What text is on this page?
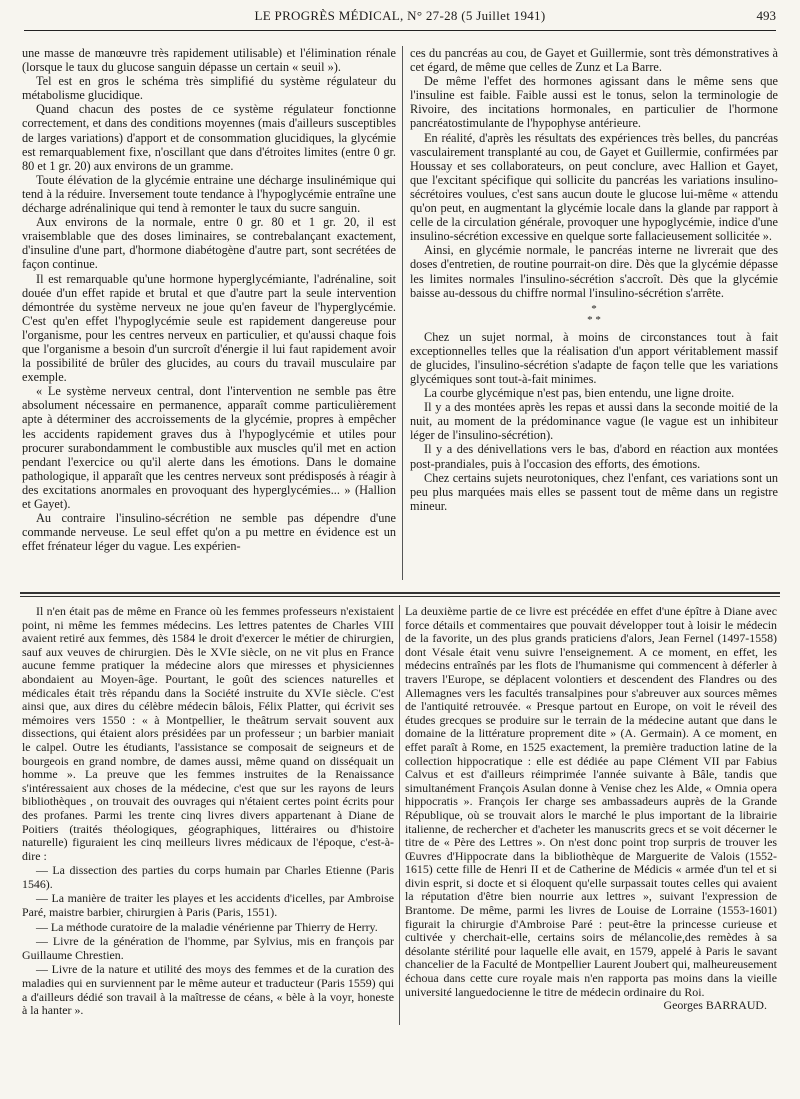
LE PROGRÈS MÉDICAL, N° 27-28 (5 Juillet 1941)	493

une masse de manœuvre très rapidement utilisable) et l'élimination rénale (lorsque le taux du glucose sanguin dépasse un certain « seuil »).

Tel est en gros le schéma très simplifié du système régulateur du métabolisme glucidique.

Quand chacun des postes de ce système régulateur fonctionne correctement, et dans des conditions moyennes (mais d'ailleurs susceptibles de larges variations) d'apport et de consommation glucidiques, la glycémie est remarquablement fixe, n'oscillant que dans d'étroites limites (entre 0 gr. 80 et 1 gr. 20) aux environs de un gramme.

Toute élévation de la glycémie entraine une décharge insulinémique qui tend à la réduire. Inversement toute tendance à l'hypoglycémie entraîne une décharge adrénalinique qui tend à remonter le taux du sucre sanguin.

Aux environs de la normale, entre 0 gr. 80 et 1 gr. 20, il est vraisemblable que des doses liminaires, se contrebalançant exactement, d'insuline d'une part, d'hormone diabétogène d'autre part, sont secrétées de façon continue.

Il est remarquable qu'une hormone hyperglycémiante, l'adrénaline, soit douée d'un effet rapide et brutal et que d'autre part la seule intervention démontrée du système nerveux ne joue qu'en faveur de l'hyperglycémie. C'est qu'en effet l'hypoglycémie seule est rapidement dangereuse pour l'organisme, pour les centres nerveux en particulier, et qu'aussi chaque fois que l'organisme a besoin d'un surcroît d'énergie il lui faut rapidement avoir la possibilité de brûler des glucides, au cours du travail musculaire par exemple.

« Le système nerveux central, dont l'intervention ne semble pas être absolument nécessaire en permanence, apparaît comme particulièrement apte à déterminer des accroissements de la glycémie, propres à empêcher les accidents rapidement graves dus à l'hypoglycémie et utiles pour procurer surabondamment le combustible aux muscles qu'il met en action pendant l'exercice ou qu'il alerte dans les émotions. Dans le domaine pathologique, il apparaît que les centres nerveux sont prédisposés à réagir à des excitations anormales en provoquant des hyperglycémies... » (Hallion et Gayet).

Au contraire l'insulino-sécrétion ne semble pas dépendre d'une commande nerveuse. Le seul effet qu'on a pu mettre en évidence est un effet frénateur léger du vague. Les expérien-

ces du pancréas au cou, de Gayet et Guillermie, sont très démonstratives à cet égard, de même que celles de Zunz et La Barre.

De même l'effet des hormones agissant dans le même sens que l'insuline est faible. Faible aussi est le tonus, selon la terminologie de Rivoire, des incitations hormonales, en particulier de l'hormone pancréatostimulante de l'hypophyse antérieure.

En réalité, d'après les résultats des expériences très belles, du pancréas vasculairement transplanté au cou, de Gayet et Guillermie, confirmées par Houssay et ses collaborateurs, on peut conclure, avec Hallion et Gayet, que l'excitant spécifique qui sollicite du pancréas les variations insulino-sécrétoires voulues, c'est sans aucun doute le glucose lui-même « attendu qu'on peut, en augmentant la glycémie locale dans la glande par rapport à celle de la circulation générale, provoquer une hypoglycémie, indice d'une insulino-sécrétion excessive en quelque sorte fallacieusement sollicitée ».

Ainsi, en glycémie normale, le pancréas interne ne livrerait que des doses d'entretien, de routine pourrait-on dire. Dès que la glycémie dépasse les limites normales l'insulino-sécrétion s'accroît. Dès que la glycémie baisse au-dessous du chiffre normal l'insulino-sécrétion s'arrête.

*
* *

Chez un sujet normal, à moins de circonstances tout à fait exceptionnelles telles que la réalisation d'un apport véritablement massif de glucides, l'insulino-sécrétion s'adapte de façon telle que les variations glycémiques sont tout-à-fait minimes.

La courbe glycémique n'est pas, bien entendu, une ligne droite.

Il y a des montées après les repas et aussi dans la seconde moitié de la nuit, au moment de la prédominance vague (le vague est un inhibiteur léger de l'insulino-sécrétion).

Il y a des dénivellations vers le bas, d'abord en réaction aux montées post-prandiales, puis à l'occasion des efforts, des émotions.

Chez certains sujets neurotoniques, chez l'enfant, ces variations sont un peu plus marquées mais elles se passent tout de même dans un registre mineur.

Il n'en était pas de même en France où les femmes professeurs n'existaient point, ni même les femmes médecins. Les lettres patentes de Charles VIII avaient retiré aux femmes, dès 1584 le droit d'exercer le métier de chirurgien, sauf aux veuves de chirurgien. Dès le XVIe siècle, on ne vit plus en France aucune femme pratiquer la médecine alors que miresses et physiciennes abondaient au Moyen-âge. Pourtant, le goût des sciences naturelles et médicales était très répandu dans la Société instruite du XVIe siècle. C'est ainsi que, aux dires du célèbre médecin bâlois, Félix Platter, qui écrivit ses mémoires vers 1550 : « à Montpellier, le theâtrum servait souvent aux dissections, qui étaient alors présidées par un professeur ; un barbier maniait le calpel. Outre les étudiants, l'assistance se composait de seigneurs et de bourgeois en grand nombre, de dames aussi, même quand on disséquait un homme ». La preuve que les femmes instruites de la Renaissance s'intéressaient aux choses de la médecine, c'est que sur les rayons de leurs bibliothèques , on trouvait des ouvrages qui n'étaient certes point écrits pour des profanes. Parmi les trente cinq livres divers appartenant à Diane de Poitiers (traités théologiques, géographiques, littéraires ou d'histoire naturelle) figuraient les cinq meilleurs livres médicaux de l'époque, c'est-à-dire :

— La dissection des parties du corps humain par Charles Etienne (Paris 1546).

— La manière de traiter les playes et les accidents d'icelles, par Ambroise Paré, maistre barbier, chirurgien à Paris (Paris, 1551).

— La méthode curatoire de la maladie vénérienne par Thierry de Herry.

— Livre de la génération de l'homme, par Sylvius, mis en françois par Guillaume Chrestien.

— Livre de la nature et utilité des moys des femmes et de la curation des maladies qui en surviennent par le même auteur et traducteur (Paris 1559) qui a d'ailleurs dédié son travail à la maîtresse de céans, « bèle à la voyr, honeste à la hanter ».

La deuxième partie de ce livre est précédée en effet d'une épître à Diane avec force détails et commentaires que pouvait développer tout à loisir le médecin de la favorite, un des plus grands praticiens d'alors, Jean Fernel (1497-1558) dont Vésale était venu suivre l'enseignement. A ce moment, en effet, les médecins entraînés par les flots de l'humanisme qui commencent à déferler à travers l'Europe, se déplacent volontiers et descendent des Flandres ou des Allemagnes vers les facultés transalpines pour s'abreuver aux sources mêmes de l'antiquité retrouvée. « Presque partout en Europe, on voit le réveil des études grecques se produire sur le terrain de la médecine autant que dans le domaine de la littérature proprement dite » (A. Germain). A ce moment, en effet paraît à Rome, en 1525 exactement, la première traduction latine de la collection hippocratique : elle est dédiée au pape Clément VII par Fabius Calvus et est d'ailleurs réimprimée l'année suivante à Bâle, tandis que simultanément François Asulan donne à Venise chez les Alde, « Omnia opera hippocratis ». François Ier charge ses ambassadeurs auprès de la Grande République, où se trouvait alors le marché le plus important de la librairie italienne, de rechercher et d'acheter les manuscrits grecs et se voit décerner le titre de « Père des Lettres ». On n'est donc point trop surpris de trouver les Œuvres d'Hippocrate dans la bibliothèque de Marguerite de Valois (1552-1615) cette fille de Henri II et de Catherine de Médicis « armée d'un tel et si divin esprit, si docte et si éloquent qu'elle surpassait toutes celles qui avaient la réputation d'être bien nourrie aux lettres », suivant l'expression de Brantome. De même, parmi les livres de Louise de Lorraine (1553-1601) figurait la chirurgie d'Ambroise Paré : peut-être la princesse curieuse et cultivée y cherchait-elle, certains soirs de mélancolie,des remèdes à sa désolante stérilité pour laquelle elle avait, en 1579, appelé à Paris le savant chancelier de la Faculté de Montpellier Laurent Joubert qui, malheureusement échoua dans cette cure royale mais n'en rapporta pas moins dans la vieille université languedocienne le titre de médecin ordinaire du Roi.

Georges BARRAUD.
